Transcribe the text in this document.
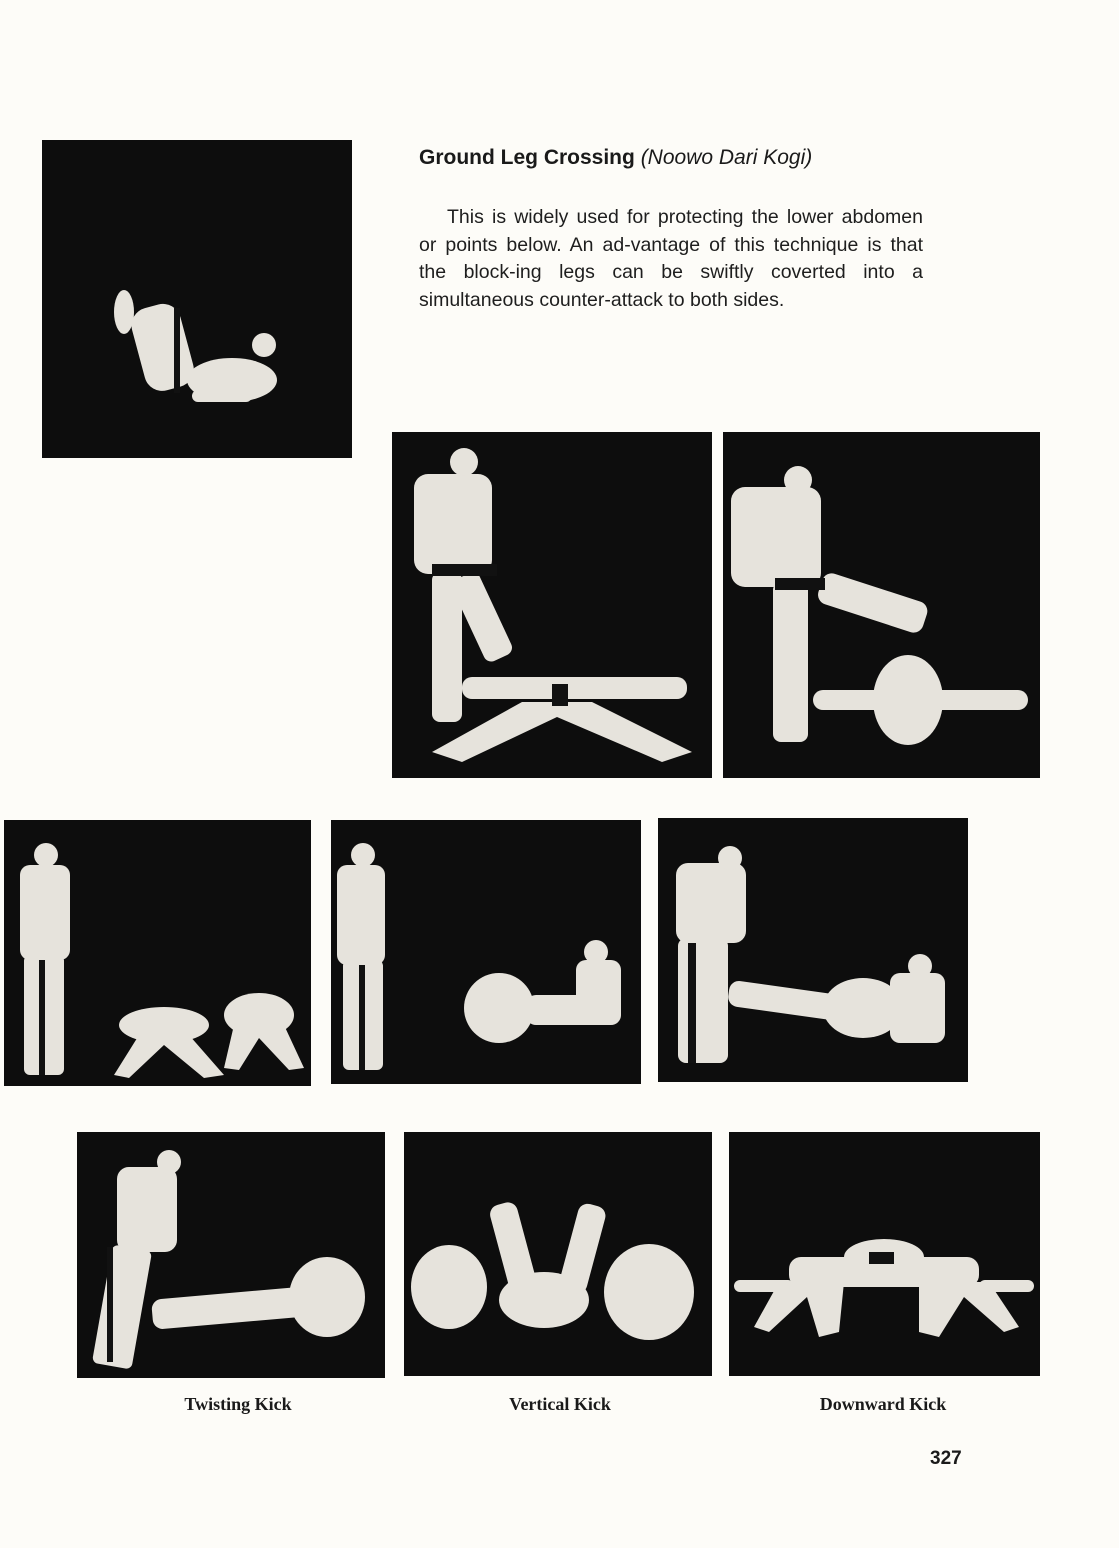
Ground Leg Crossing (Noowo Dari Kogi)

This is widely used for protecting the lower abdomen or points below. An ad-vantage of this technique is that the block-ing legs can be swiftly coverted into a simultaneous counter-attack to both sides.

Twisting Kick	Vertical Kick	Downward Kick
327
